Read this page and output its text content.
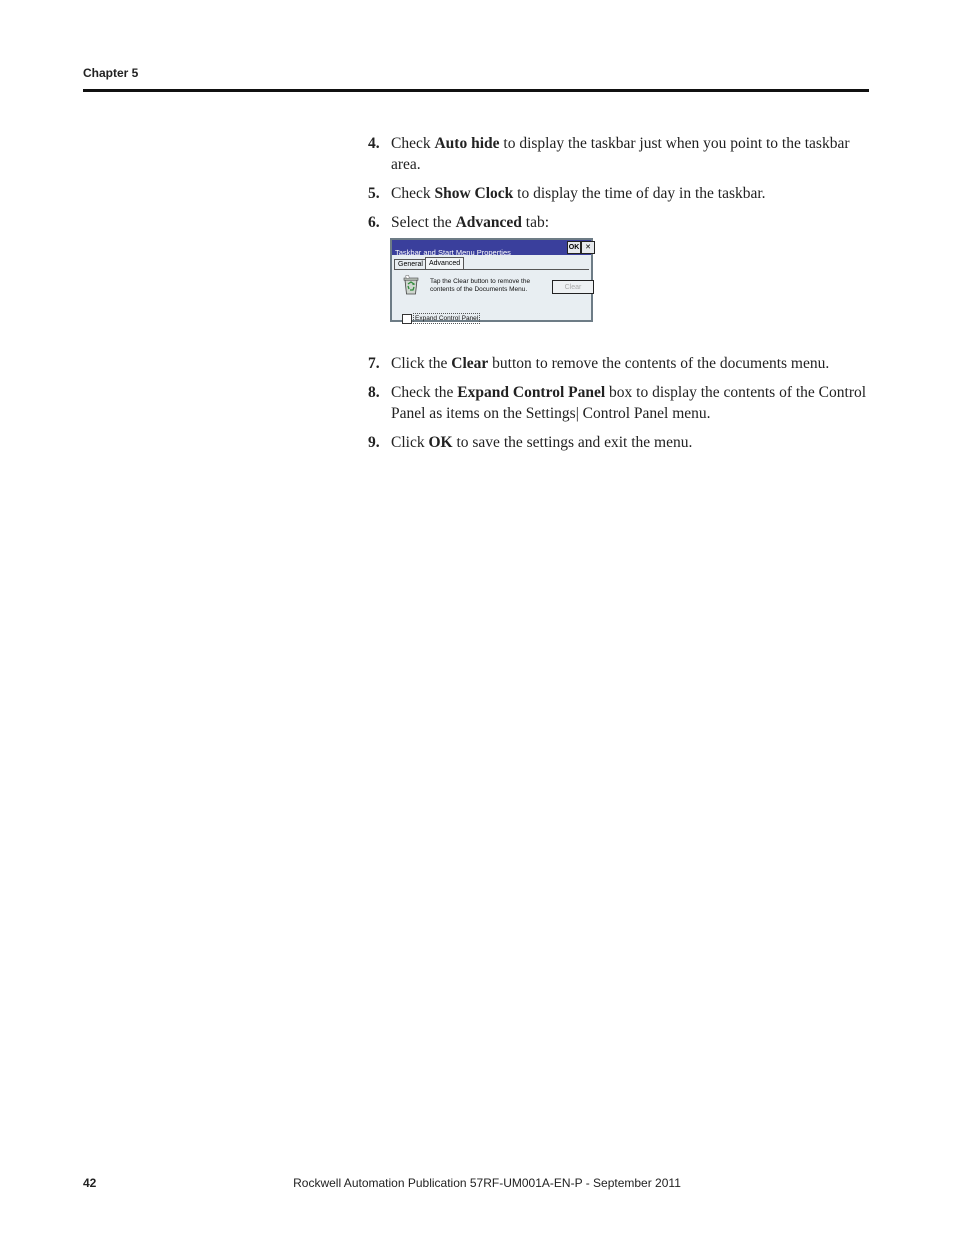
Chapter 5
4. Check Auto hide to display the taskbar just when you point to the taskbar area.
5. Check Show Clock to display the time of day in the taskbar.
6. Select the Advanced tab:
Taskbar and Start Menu Properties
OK ✕
General Advanced
Tap the Clear button to remove the contents of the Documents Menu.	Clear
Expand Control Panel
7. Click the Clear button to remove the contents of the documents menu.
8. Check the Expand Control Panel box to display the contents of the Control Panel as items on the Settings| Control Panel menu.
9. Click OK to save the settings and exit the menu.
42	Rockwell Automation Publication 57RF-UM001A-EN-P - September 2011
